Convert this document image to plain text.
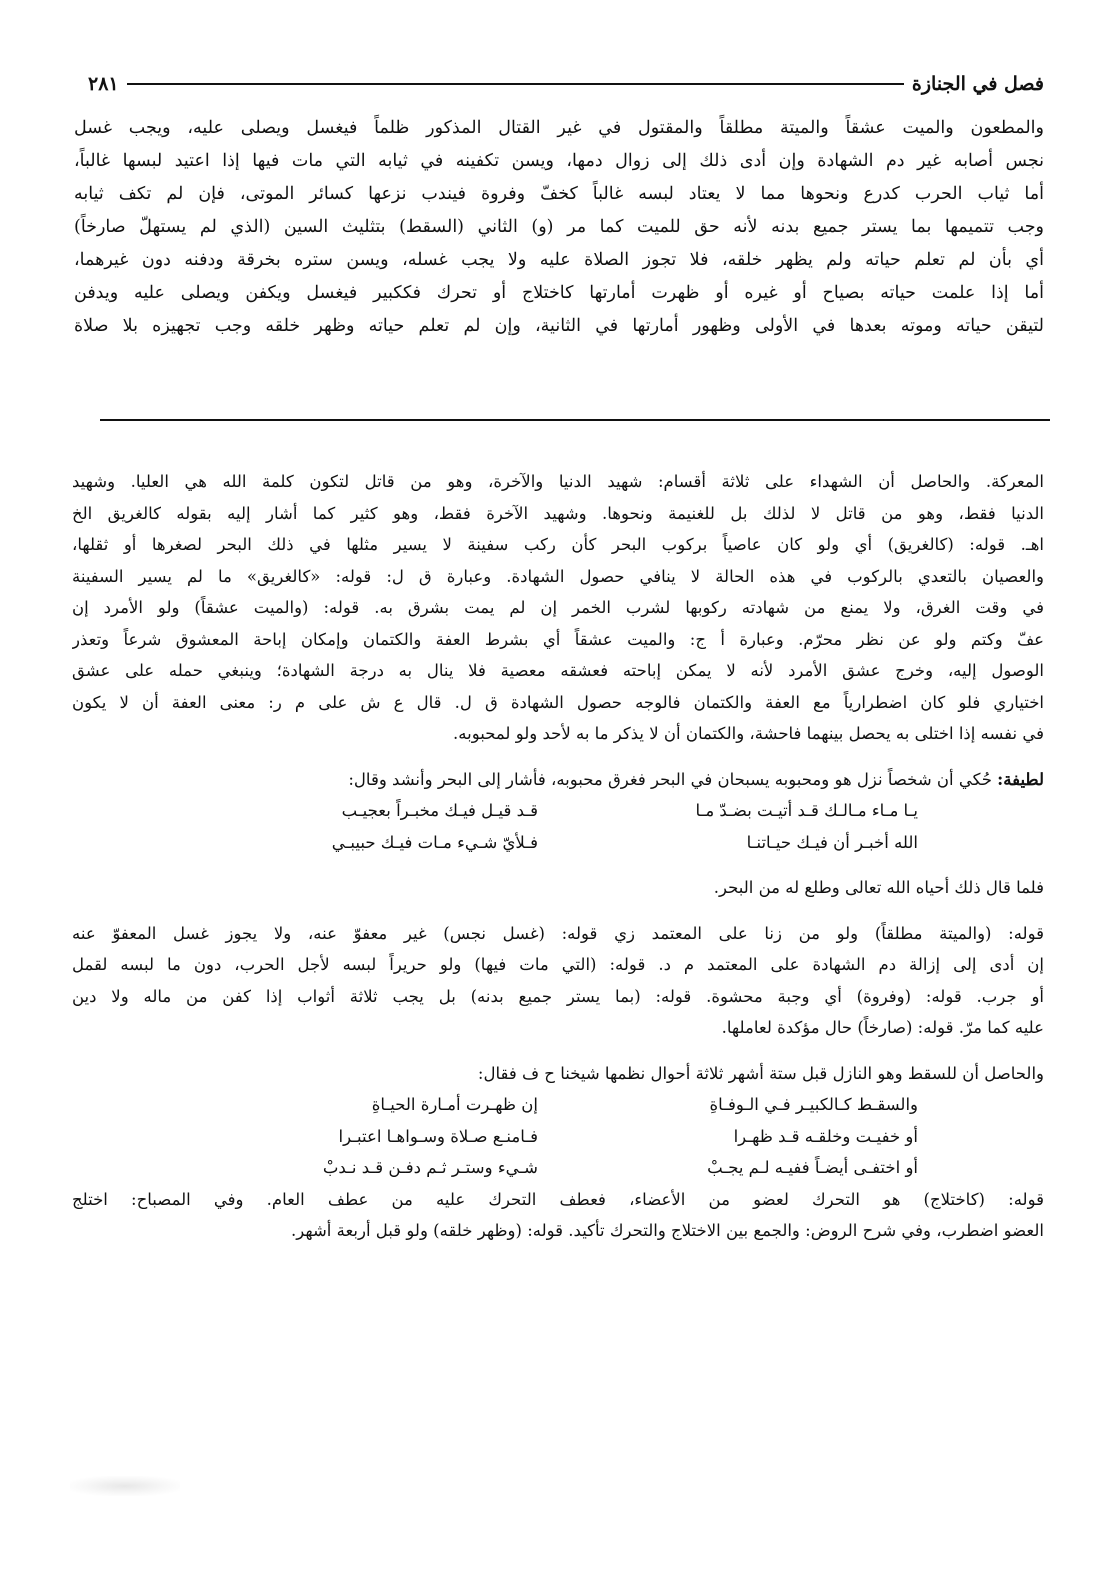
فصل في الجنازة
٢٨١

والمطعون والميت عشقاً والميتة مطلقاً والمقتول في غير القتال المذكور ظلماً فيغسل ويصلى عليه، ويجب غسل

نجس أصابه غير دم الشهادة وإن أدى ذلك إلى زوال دمها، ويسن تكفينه في ثيابه التي مات فيها إذا اعتيد لبسها غالباً،

أما ثياب الحرب كدرع ونحوها مما لا يعتاد لبسه غالباً كخفّ وفروة فيندب نزعها كسائر الموتى، فإن لم تكف ثيابه

وجب تتميمها بما يستر جميع بدنه لأنه حق للميت كما مر (و) الثاني (السقط) بتثليث السين (الذي لم يستهلّ صارخاً)

أي بأن لم تعلم حياته ولم يظهر خلقه، فلا تجوز الصلاة عليه ولا يجب غسله، ويسن ستره بخرقة ودفنه دون غيرهما،

أما إذا علمت حياته بصياح أو غيره أو ظهرت أمارتها كاختلاج أو تحرك فككبير فيغسل ويكفن ويصلى عليه ويدفن

لتيقن حياته وموته بعدها في الأولى وظهور أمارتها في الثانية، وإن لم تعلم حياته وظهر خلقه وجب تجهيزه بلا صلاة

المعركة. والحاصل أن الشهداء على ثلاثة أقسام: شهيد الدنيا والآخرة، وهو من قاتل لتكون كلمة الله هي العليا. وشهيد

الدنيا فقط، وهو من قاتل لا لذلك بل للغنيمة ونحوها. وشهيد الآخرة فقط، وهو كثير كما أشار إليه بقوله كالغريق الخ

اهـ. قوله: (كالغريق) أي ولو كان عاصياً بركوب البحر كأن ركب سفينة لا يسير مثلها في ذلك البحر لصغرها أو ثقلها،

والعصيان بالتعدي بالركوب في هذه الحالة لا ينافي حصول الشهادة. وعبارة ق ل: قوله: «كالغريق» ما لم يسير السفينة

في وقت الغرق، ولا يمنع من شهادته ركوبها لشرب الخمر إن لم يمت بشرق به. قوله: (والميت عشقاً) ولو الأمرد إن

عفّ وكتم ولو عن نظر محرّم. وعبارة أ ج: والميت عشقاً أي بشرط العفة والكتمان وإمكان إباحة المعشوق شرعاً وتعذر

الوصول إليه، وخرج عشق الأمرد لأنه لا يمكن إباحته فعشقه معصية فلا ينال به درجة الشهادة؛ وينبغي حمله على عشق

اختياري فلو كان اضطرارياً مع العفة والكتمان فالوجه حصول الشهادة ق ل. قال ع ش على م ر: معنى العفة أن لا يكون

في نفسه إذا اختلى به يحصل بينهما فاحشة، والكتمان أن لا يذكر ما به لأحد ولو لمحبوبه.

لطيفة: حُكي أن شخصاً نزل هو ومحبوبه يسبحان في البحر فغرق محبوبه، فأشار إلى البحر وأنشد وقال:

يـا مـاء مـالـك قـد أتيـت بضـدّ مـا
قـد قيـل فيـك مخبـراً بعجيـب
الله أخبـر أن فيـك حيـاتنـا
فـلأيّ شـيء مـات فيـك حبيبـي

فلما قال ذلك أحياه الله تعالى وطلع له من البحر.

قوله: (والميتة مطلقاً) ولو من زنا على المعتمد زي قوله: (غسل نجس) غير معفوّ عنه، ولا يجوز غسل المعفوّ عنه

إن أدى إلى إزالة دم الشهادة على المعتمد م د. قوله: (التي مات فيها) ولو حريراً لبسه لأجل الحرب، دون ما لبسه لقمل

أو جرب. قوله: (وفروة) أي وجبة محشوة. قوله: (بما يستر جميع بدنه) بل يجب ثلاثة أثواب إذا كفن من ماله ولا دين

عليه كما مرّ. قوله: (صارخاً) حال مؤكدة لعاملها.

والحاصل أن للسقط وهو النازل قبل ستة أشهر ثلاثة أحوال نظمها شيخنا ح ف فقال:

والسقـط كـالكبيـر فـي الـوفـاةِ
إن ظهـرت أمـارة الحيـاةِ
أو خفيـت وخلقـه قـد ظهـرا
فـامنـع صـلاة وسـواهـا اعتبـرا
أو اختفـى أيضـاً ففيـه لـم يجـبْ
شـيء وستـر ثـم دفـن قـد نـدبْ

قوله: (كاختلاج) هو التحرك لعضو من الأعضاء، فعطف التحرك عليه من عطف العام. وفي المصباح: اختلج

العضو اضطرب، وفي شرح الروض: والجمع بين الاختلاج والتحرك تأكيد. قوله: (وظهر خلقه) ولو قبل أربعة أشهر.
